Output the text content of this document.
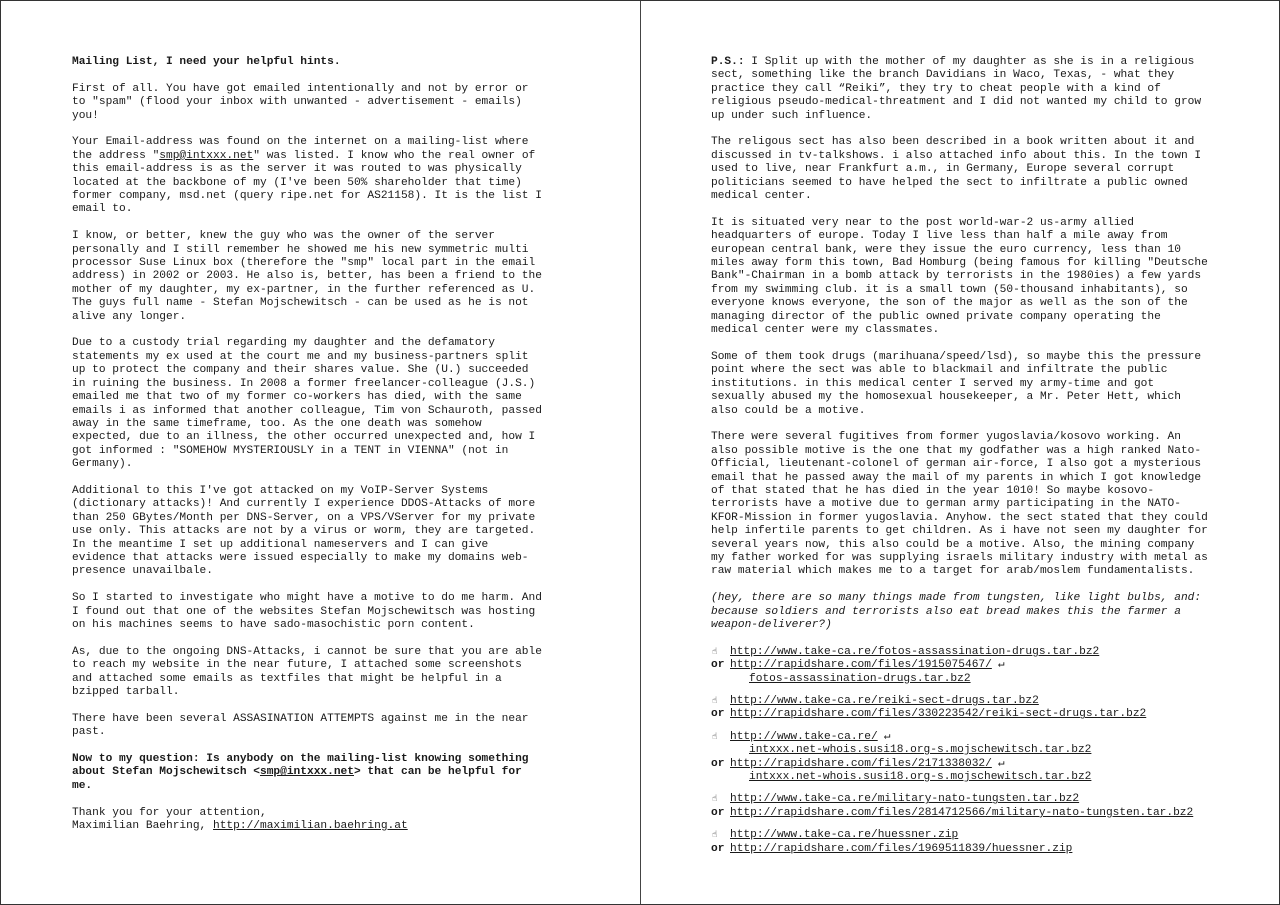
Mailing List, I need your helpful hints.

First of all. You have got emailed intentionally and not by error or
to "spam" (flood your inbox with unwanted - advertisement - emails)
you!

Your Email-address was found on the internet on a mailing-list where
the address "smp@intxxx.net" was listed. I know who the real owner of
this email-address is as the server it was routed to was physically
located at the backbone of my (I've been 50% shareholder that time)
former company, msd.net (query ripe.net for AS21158). It is the list I
email to.

I know, or better, knew the guy who was the owner of the server
personally and I still remember he showed me his new symmetric multi
processor Suse Linux box (therefore the "smp" local part in the email
address) in 2002 or 2003. He also is, better, has been a friend to the
mother of my daughter, my ex-partner, in the further referenced as U.
The guys full name - Stefan Mojschewitsch - can be used as he is not
alive any longer.

Due to a custody trial regarding my daughter and the defamatory
statements my ex used at the court me and my business-partners split
up to protect the company and their shares value. She (U.) succeeded
in ruining the business. In 2008 a former freelancer-colleague (J.S.)
emailed me that two of my former co-workers has died, with the same
emails i as informed that another colleague, Tim von Schauroth, passed
away in the same timeframe, too. As the one death was somehow
expected, due to an illness, the other occurred unexpected and, how I
got informed : "SOMEHOW MYSTERIOUSLY in a TENT in VIENNA" (not in
Germany).

Additional to this I've got attacked on my VoIP-Server Systems
(dictionary attacks)! And currently I experience DDOS-Attacks of more
than 250 GBytes/Month per DNS-Server, on a VPS/VServer for my private
use only. This attacks are not by a virus or worm, they are targeted.
In the meantime I set up additional nameservers and I can give
evidence that attacks were issued especially to make my domains web-
presence unavailbale.

So I started to investigate who might have a motive to do me harm. And
I found out that one of the websites Stefan Mojschewitsch was hosting
on his machines seems to have sado-masochistic porn content.

As, due to the ongoing DNS-Attacks, i cannot be sure that you are able
to reach my website in the near future, I attached some screenshots
and attached some emails as textfiles that might be helpful in a
bzipped tarball.

There have been several ASSASINATION ATTEMPTS against me in the near
past.

Now to my question: Is anybody on the mailing-list knowing something
about Stefan Mojschewitsch <smp@intxxx.net> that can be helpful for
me.

Thank you for your attention,
Maximilian Baehring, http://maximilian.baehring.at

P.S.: I Split up with the mother of my daughter as she is in a religious
sect, something like the branch Davidians in Waco, Texas, - what they
practice they call “Reiki”, they try to cheat people with a kind of
religious pseudo-medical-threatment and I did not wanted my child to grow
up under such influence.

The religous sect has also been described in a book written about it and
discussed in tv-talkshows. i also attached info about this. In the town I
used to live, near Frankfurt a.m., in Germany, Europe several corrupt
politicians seemed to have helped the sect to infiltrate a public owned
medical center.

It is situated very near to the post world-war-2 us-army allied
headquarters of europe. Today I live less than half a mile away from
european central bank, were they issue the euro currency, less than 10
miles away form this town, Bad Homburg (being famous for killing "Deutsche
Bank"-Chairman in a bomb attack by terrorists in the 1980ies) a few yards
from my swimming club. it is a small town (50-thousand inhabitants), so
everyone knows everyone, the son of the major as well as the son of the
managing director of the public owned private company operating the
medical center were my classmates.

Some of them took drugs (marihuana/speed/lsd), so maybe this the pressure
point where the sect was able to blackmail and infiltrate the public
institutions. in this medical center I served my army-time and got
sexually abused my the homosexual housekeeper, a Mr. Peter Hett, which
also could be a motive.

There were several fugitives from former yugoslavia/kosovo working. An
also possible motive is the one that my godfather was a high ranked Nato-
Official, lieutenant-colonel of german air-force, I also got a mysterious
email that he passed away the mail of my parents in which I got knowledge
of that stated that he has died in the year 1010! So maybe kosovo-
terrorists have a motive due to german army participating in the NATO-
KFOR-Mission in former yugoslavia. Anyhow. the sect stated that they could
help infertile parents to get children. As i have not seen my daughter for
several years now, this also could be a motive. Also, the mining company
my father worked for was supplying israels military industry with metal as
raw material which makes me to a target for arab/moslem fundamentalists.

(hey, there are so many things made from tungsten, like light bulbs, and:
because soldiers and terrorists also eat bread makes this the farmer a
weapon-deliverer?)

☝ http://www.take-ca.re/fotos-assassination-drugs.tar.bz2
or http://rapidshare.com/files/1915075467/ ↵
fotos-assassination-drugs.tar.bz2
☝ http://www.take-ca.re/reiki-sect-drugs.tar.bz2
or http://rapidshare.com/files/330223542/reiki-sect-drugs.tar.bz2
☝ http://www.take-ca.re/ ↵
intxxx.net-whois.susi18.org-s.mojschewitsch.tar.bz2
or http://rapidshare.com/files/2171338032/ ↵
intxxx.net-whois.susi18.org-s.mojschewitsch.tar.bz2
☝ http://www.take-ca.re/military-nato-tungsten.tar.bz2
or http://rapidshare.com/files/2814712566/military-nato-tungsten.tar.bz2
☝ http://www.take-ca.re/huessner.zip
or http://rapidshare.com/files/1969511839/huessner.zip
